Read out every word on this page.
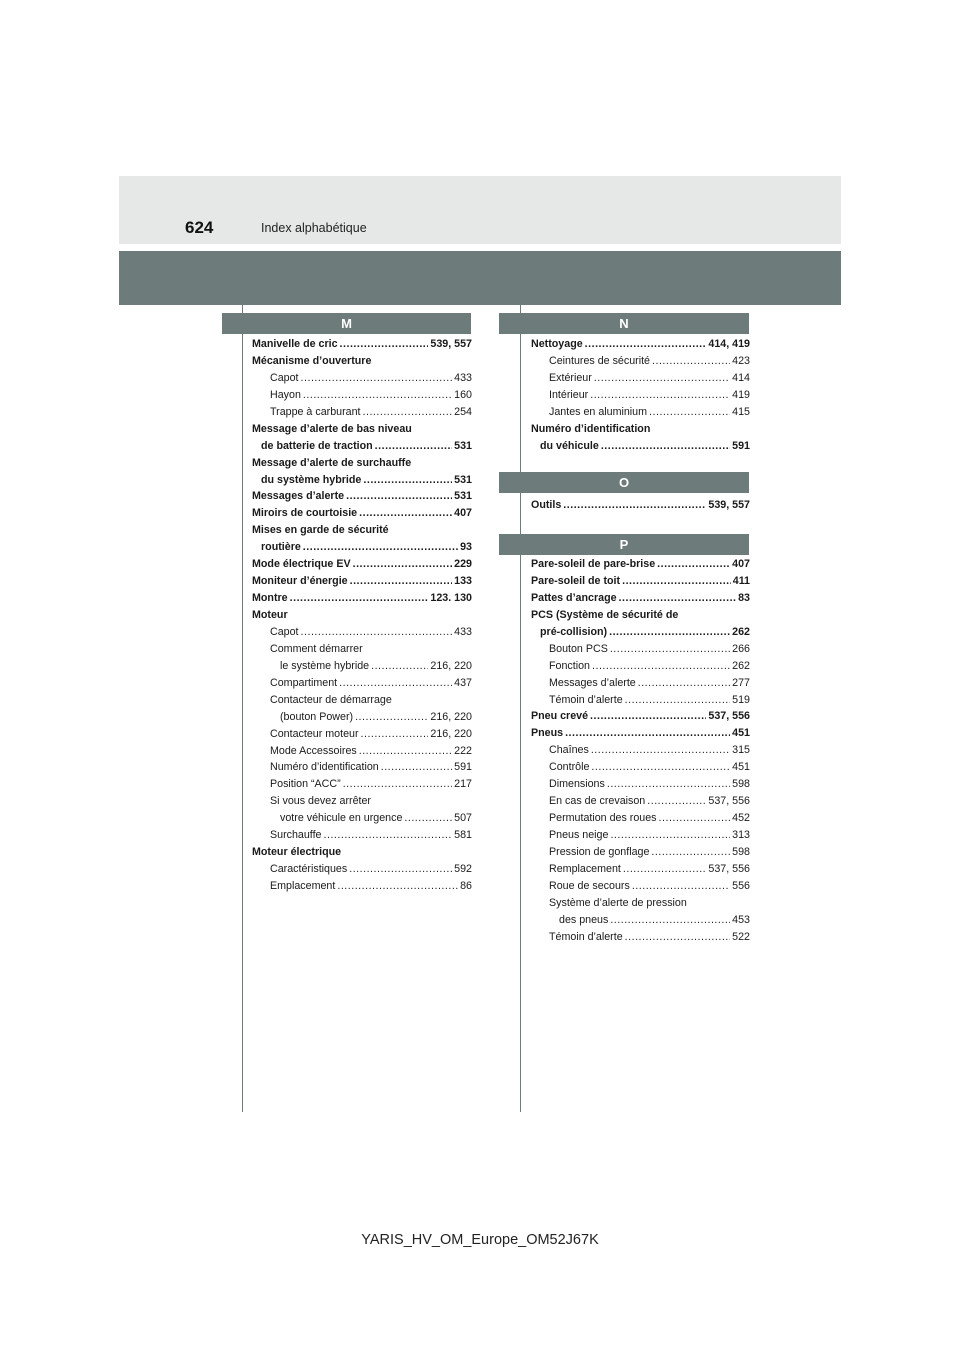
624	Index alphabétique
M
Manivelle de cric .....	539, 557
Mécanisme d’ouverture
Capot .....	433
Hayon .....	160
Trappe à carburant .....	254
Message d’alerte de bas niveau
de batterie de traction .....	531
Message d’alerte de surchauffe
du système hybride .....	531
Messages d’alerte .....	531
Miroirs de courtoisie .....	407
Mises en garde de sécurité
routière .....	93
Mode électrique EV .....	229
Moniteur d’énergie .....	133
Montre .....	123. 130
Moteur
Capot .....	433
Comment démarrer
le système hybride .....	216, 220
Compartiment .....	437
Contacteur de démarrage
(bouton Power) .....	216, 220
Contacteur moteur .....	216, 220
Mode Accessoires .....	222
Numéro d’identification .....	591
Position “ACC” .....	217
Si vous devez arrêter
votre véhicule en urgence .....	507
Surchauffe .....	581
Moteur électrique
Caractéristiques .....	592
Emplacement .....	86
N
Nettoyage .....	414, 419
Ceintures de sécurité .....	423
Extérieur .....	414
Intérieur .....	419
Jantes en aluminium .....	415
Numéro d’identification
du véhicule .....	591
O
Outils .....	539, 557
P
Pare-soleil de pare-brise .....	407
Pare-soleil de toit .....	411
Pattes d’ancrage .....	83
PCS (Système de sécurité de
pré-collision) .....	262
Bouton PCS .....	266
Fonction .....	262
Messages d’alerte .....	277
Témoin d’alerte .....	519
Pneu crevé .....	537, 556
Pneus .....	451
Chaînes .....	315
Contrôle .....	451
Dimensions .....	598
En cas de crevaison .....	537, 556
Permutation des roues .....	452
Pneus neige .....	313
Pression de gonflage .....	598
Remplacement .....	537, 556
Roue de secours .....	556
Système d’alerte de pression
des pneus .....	453
Témoin d’alerte .....	522
YARIS_HV_OM_Europe_OM52J67K
